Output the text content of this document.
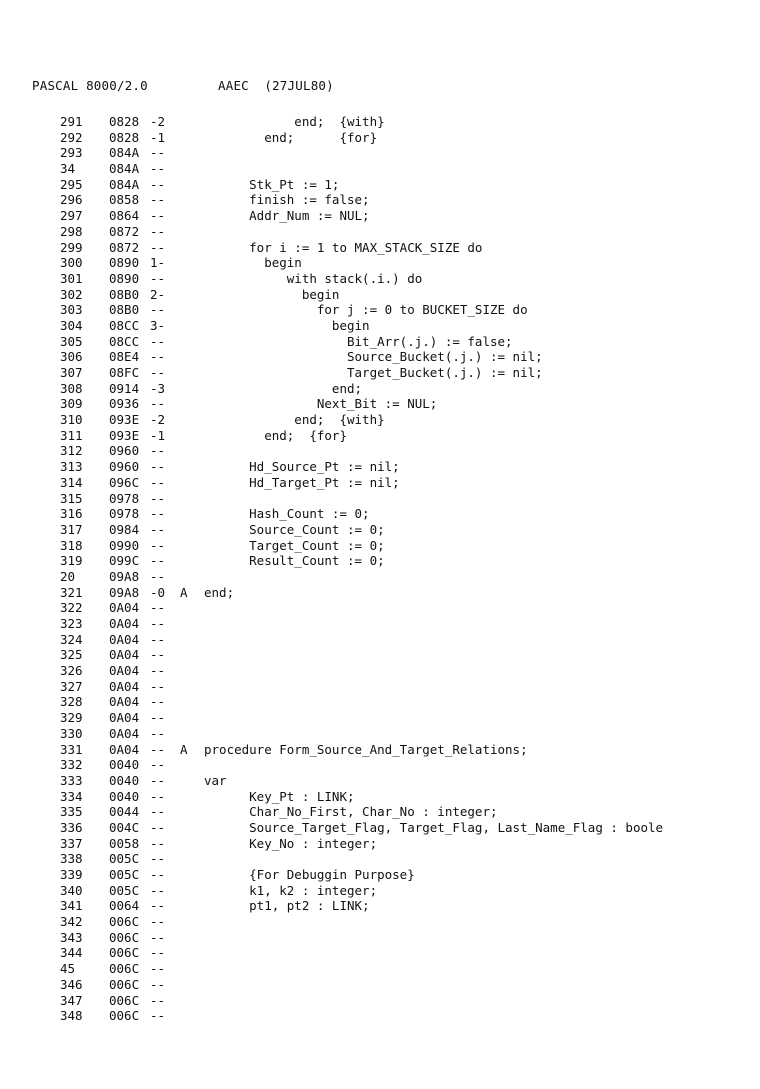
PASCAL 8000/2.0	AAEC  (27JUL80)
291	0828 -2	end;  {with}
292	0828 -1	end;      {for}
293	084A --
34	084A --
295	084A --	Stk_Pt := 1;
296	0858 --	finish := false;
297	0864 --	Addr_Num := NUL;
298	0872 --
299	0872 --	for i := 1 to MAX_STACK_SIZE do
300	0890 1-	begin
301	0890 --	with stack(.i.) do
302	08B0 2-	begin
303	08B0 --	for j := 0 to BUCKET_SIZE do
304	08CC 3-	begin
305	08CC --	Bit_Arr(.j.) := false;
306	08E4 --	Source_Bucket(.j.) := nil;
307	08FC --	Target_Bucket(.j.) := nil;
308	0914 -3	end;
309	0936 --	Next_Bit := NUL;
310	093E -2	end;  {with}
311	093E -1	end;  {for}
312	0960 --
313	0960 --	Hd_Source_Pt := nil;
314	096C --	Hd_Target_Pt := nil;
315	0978 --
316	0978 --	Hash_Count := 0;
317	0984 --	Source_Count := 0;
318	0990 --	Target_Count := 0;
319	099C --	Result_Count := 0;
20	09A8 --
321	09A8 -0 A end;
322	0A04 --
323	0A04 --
324	0A04 --
325	0A04 --
326	0A04 --
327	0A04 --
328	0A04 --
329	0A04 --
330	0A04 --
331	0A04 -- A procedure Form_Source_And_Target_Relations;
332	0040 --
333	0040 --	var
334	0040 --	Key_Pt : LINK;
335	0044 --	Char_No_First, Char_No : integer;
336	004C --	Source_Target_Flag, Target_Flag, Last_Name_Flag : boole
337	0058 --	Key_No : integer;
338	005C --
339	005C --	{For Debuggin Purpose}
340	005C --	k1, k2 : integer;
341	0064 --	pt1, pt2 : LINK;
342	006C --
343	006C --
344	006C --
45	006C --
346	006C --
347	006C --
348	006C --
